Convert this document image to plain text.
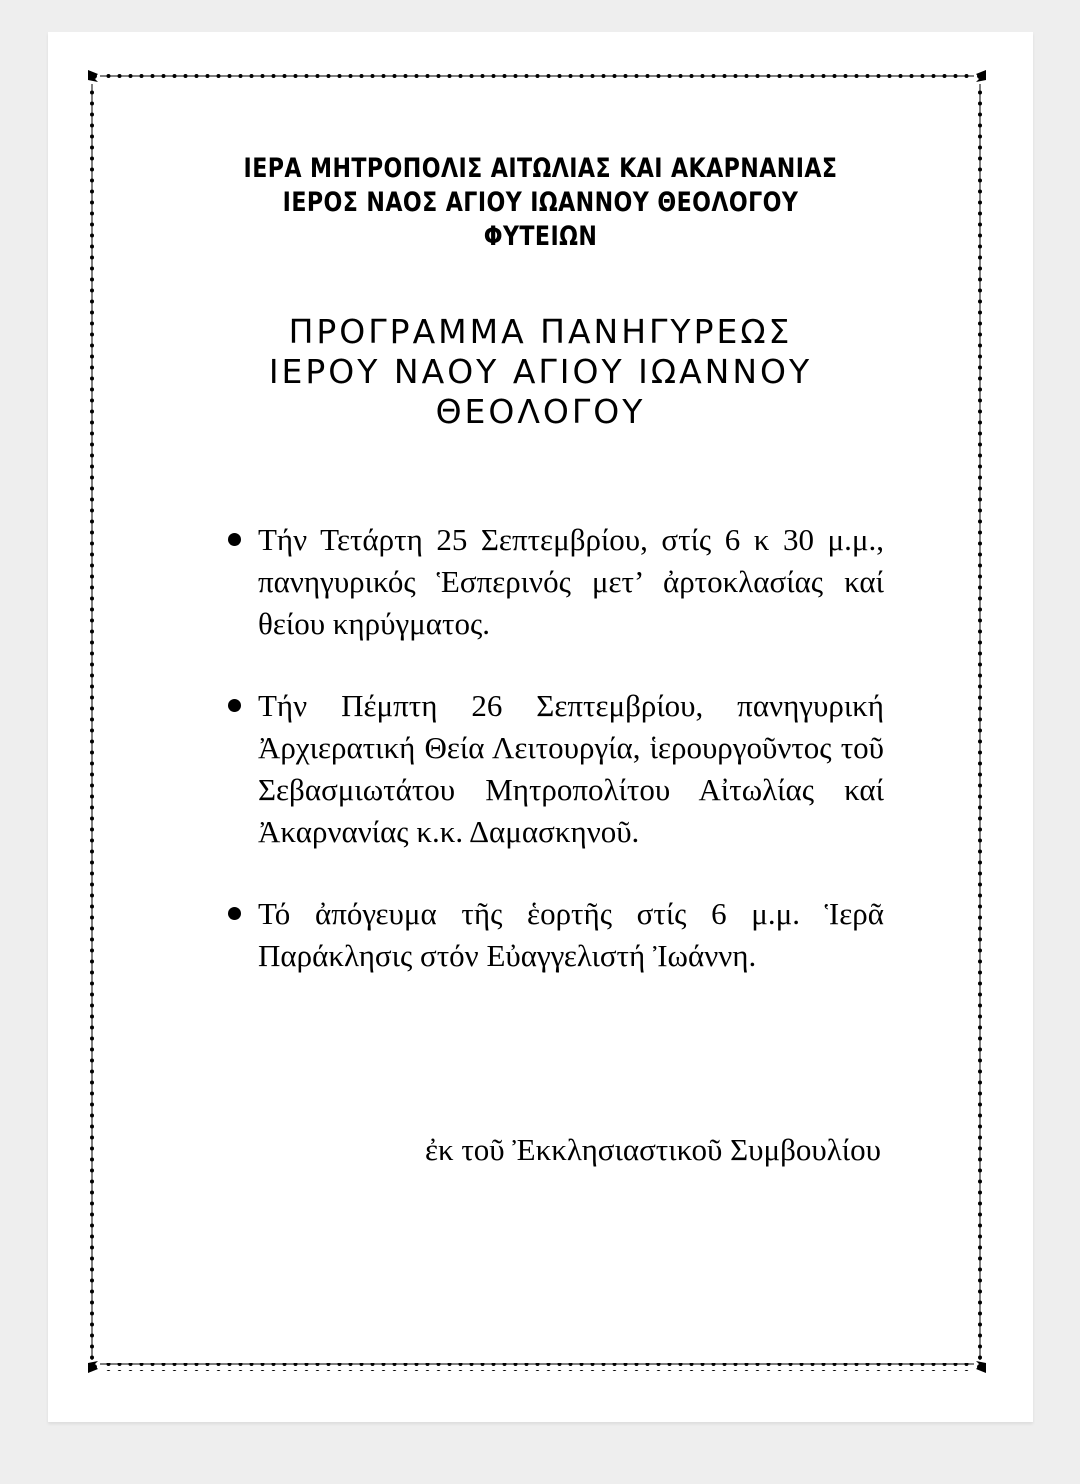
ΙΕΡΑ ΜΗΤΡΟΠΟΛΙΣ ΑΙΤΩΛΙΑΣ ΚΑΙ ΑΚΑΡΝΑΝΙΑΣ
ΙΕΡΟΣ ΝΑΟΣ ΑΓΙΟΥ ΙΩΑΝΝΟΥ ΘΕΟΛΟΓΟΥ
ΦΥΤΕΙΩΝ
ΠΡΟΓΡΑΜΜΑ ΠΑΝΗΓΥΡΕΩΣ
ΙΕΡΟΥ ΝΑΟΥ ΑΓΙΟΥ ΙΩΑΝΝΟΥ
ΘΕΟΛΟΓΟΥ
Τήν Τετάρτη 25 Σεπτεμβρίου, στίς 6 κ 30 μ.μ., πανηγυρικός Ἑσπερινός μετ’ ἀρτοκλασίας καί θείου κηρύγματος.
Τήν Πέμπτη 26 Σεπτεμβρίου, πανηγυρική Ἀρχιερατική Θεία Λειτουργία, ἱερουργοῦντος τοῦ Σεβασμιωτάτου Μητροπολίτου Αἰτωλίας καί Ἀκαρνανίας κ.κ. Δαμασκηνοῦ.
Τό ἀπόγευμα τῆς ἑορτῆς στίς 6 μ.μ. Ἱερᾶ Παράκλησις στόν Εὐαγγελιστή Ἰωάννη.
ἐκ τοῦ Ἐκκλησιαστικοῦ Συμβουλίου
